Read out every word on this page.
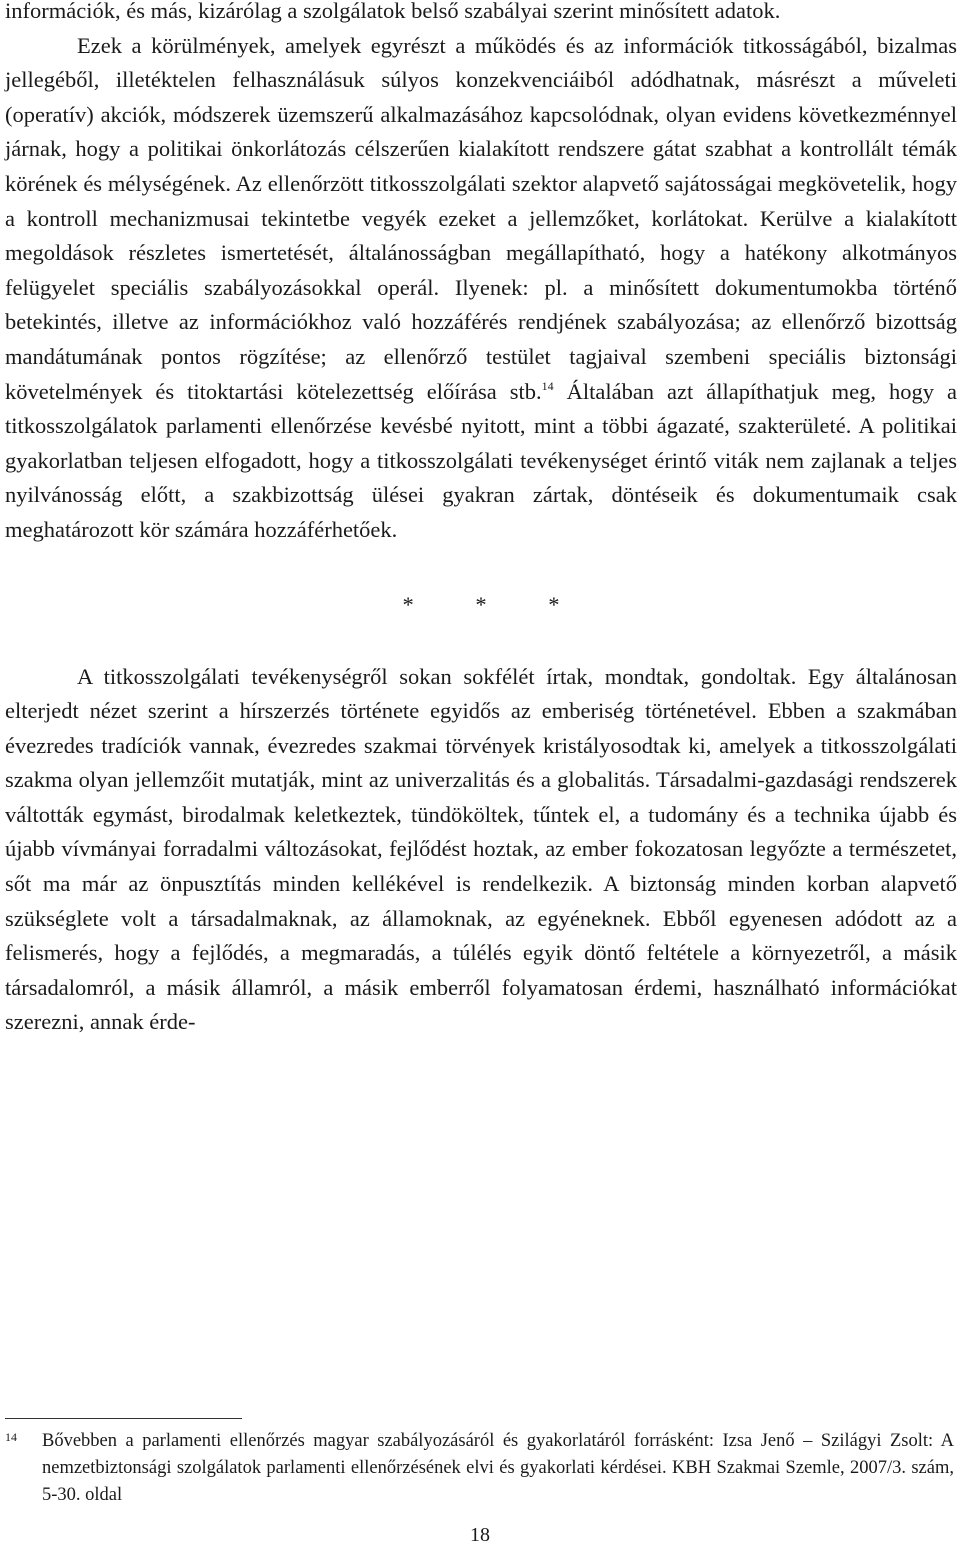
információk, és más, kizárólag a szolgálatok belső szabályai szerint minősített adatok.

Ezek a körülmények, amelyek egyrészt a működés és az információk titkosságából, bizalmas jellegéből, illetéktelen felhasználásuk súlyos konzekvenciáiból adódhatnak, másrészt a műveleti (operatív) akciók, módszerek üzemszerű alkalmazásához kapcsolódnak, olyan evidens következménnyel járnak, hogy a politikai önkorlátozás célszerűen kialakított rendszere gátat szabhat a kontrollált témák körének és mélységének. Az ellenőrzött titkosszolgálati szektor alapvető sajátosságai megkövetelik, hogy a kontroll mechanizmusai tekintetbe vegyék ezeket a jellemzőket, korlátokat. Kerülve a kialakított megoldások részletes ismertetését, általánosságban megállapítható, hogy a hatékony alkotmányos felügyelet speciális szabályozásokkal operál. Ilyenek: pl. a minősített dokumentumokba történő betekintés, illetve az információkhoz való hozzáférés rendjének szabályozása; az ellenőrző bizottság mandátumának pontos rögzítése; az ellenőrző testület tagjaival szembeni speciális biztonsági követelmények és titoktartási kötelezettség előírása stb.$^{14}$ Általában azt állapíthatjuk meg, hogy a titkosszolgálatok parlamenti ellenőrzése kevésbé nyitott, mint a többi ágazaté, szakterületé. A politikai gyakorlatban teljesen elfogadott, hogy a titkosszolgálati tevékenységet érintő viták nem zajlanak a teljes nyilvánosság előtt, a szakbizottság ülései gyakran zártak, döntéseik és dokumentumaik csak meghatározott kör számára hozzáférhetőek.

* * *

A titkosszolgálati tevékenységről sokan sokfélét írtak, mondtak, gondoltak. Egy általánosan elterjedt nézet szerint a hírszerzés története egyidős az emberiség történetével. Ebben a szakmában évezredes tradíciók vannak, évezredes szakmai törvények kristályosodtak ki, amelyek a titkosszolgálati szakma olyan jellemzőit mutatják, mint az univerzalitás és a globalitás. Társadalmi-gazdasági rendszerek váltották egymást, birodalmak keletkeztek, tündököltek, tűntek el, a tudomány és a technika újabb és újabb vívmányai forradalmi változásokat, fejlődést hoztak, az ember fokozatosan legyőzte a természetet, sőt ma már az önpusztítás minden kellékével is rendelkezik. A biztonság minden korban alapvető szükséglete volt a társadalmaknak, az államoknak, az egyéneknek. Ebből egyenesen adódott az a felismerés, hogy a fejlődés, a megmaradás, a túlélés egyik döntő feltétele a környezetről, a másik társadalomról, a másik államról, a másik emberről folyamatosan érdemi, használható információkat szerezni, annak érde-

14 Bővebben a parlamenti ellenőrzés magyar szabályozásáról és gyakorlatáról forrásként: Izsa Jenő – Szilágyi Zsolt: A nemzetbiztonsági szolgálatok parlamenti ellenőrzésének elvi és gyakorlati kérdései. KBH Szakmai Szemle, 2007/3. szám, 5-30. oldal
18
